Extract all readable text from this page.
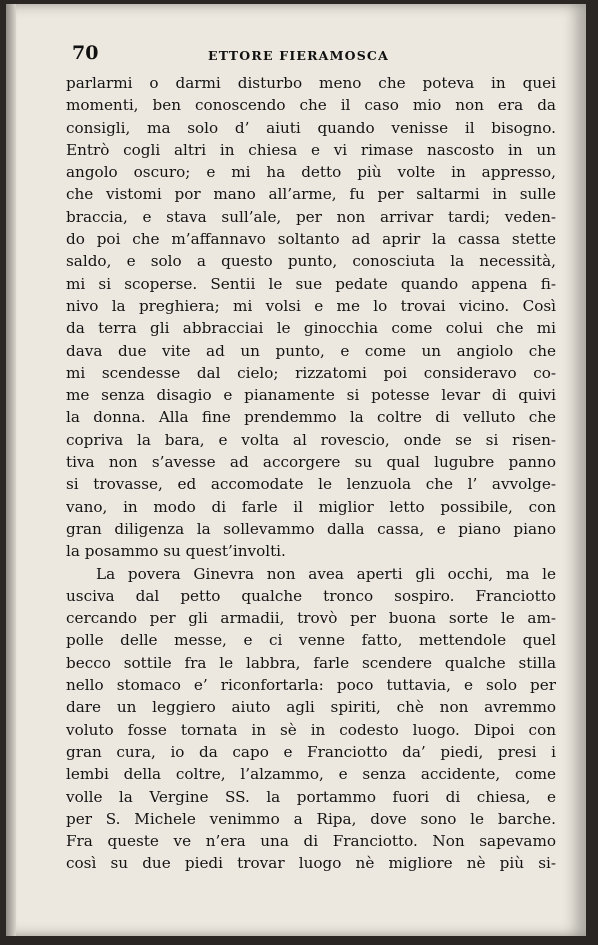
70	ETTORE FIERAMOSCA
parlarmi o darmi disturbo meno che poteva in quei
momenti, ben conoscendo che il caso mio non era da
consigli, ma solo d’ aiuti quando venisse il bisogno.
Entrò cogli altri in chiesa e vi rimase nascosto in un
angolo oscuro; e mi ha detto più volte in appresso,
che vistomi por mano all’arme, fu per saltarmi in sulle
braccia, e stava sull’ale, per non arrivar tardi; veden-
do poi che m’affannavo soltanto ad aprir la cassa stette
saldo, e solo a questo punto, conosciuta la necessità,
mi si scoperse. Sentii le sue pedate quando appena fi-
nivo la preghiera; mi volsi e me lo trovai vicino. Così
da terra gli abbracciai le ginocchia come colui che mi
dava due vite ad un punto, e come un angiolo che
mi scendesse dal cielo; rizzatomi poi consideravo co-
me senza disagio e pianamente si potesse levar di quivi
la donna. Alla fine prendemmo la coltre di velluto che
copriva la bara, e volta al rovescio, onde se si risen-
tiva non s’avesse ad accorgere su qual lugubre panno
si trovasse, ed accomodate le lenzuola che l’ avvolge-
vano, in modo di farle il miglior letto possibile, con
gran diligenza la sollevammo dalla cassa, e piano piano
la posammo su quest’involti.
La povera Ginevra non avea aperti gli occhi, ma le
usciva dal petto qualche tronco sospiro. Franciotto
cercando per gli armadii, trovò per buona sorte le am-
polle delle messe, e ci venne fatto, mettendole quel
becco sottile fra le labbra, farle scendere qualche stilla
nello stomaco e’ riconfortarla: poco tuttavia, e solo per
dare un leggiero aiuto agli spiriti, chè non avremmo
voluto fosse tornata in sè in codesto luogo. Dipoi con
gran cura, io da capo e Franciotto da’ piedi, presi i
lembi della coltre, l’alzammo, e senza accidente, come
volle la Vergine SS. la portammo fuori di chiesa, e
per S. Michele venimmo a Ripa, dove sono le barche.
Fra queste ve n’era una di Franciotto. Non sapevamo
così su due piedi trovar luogo nè migliore nè più si-
